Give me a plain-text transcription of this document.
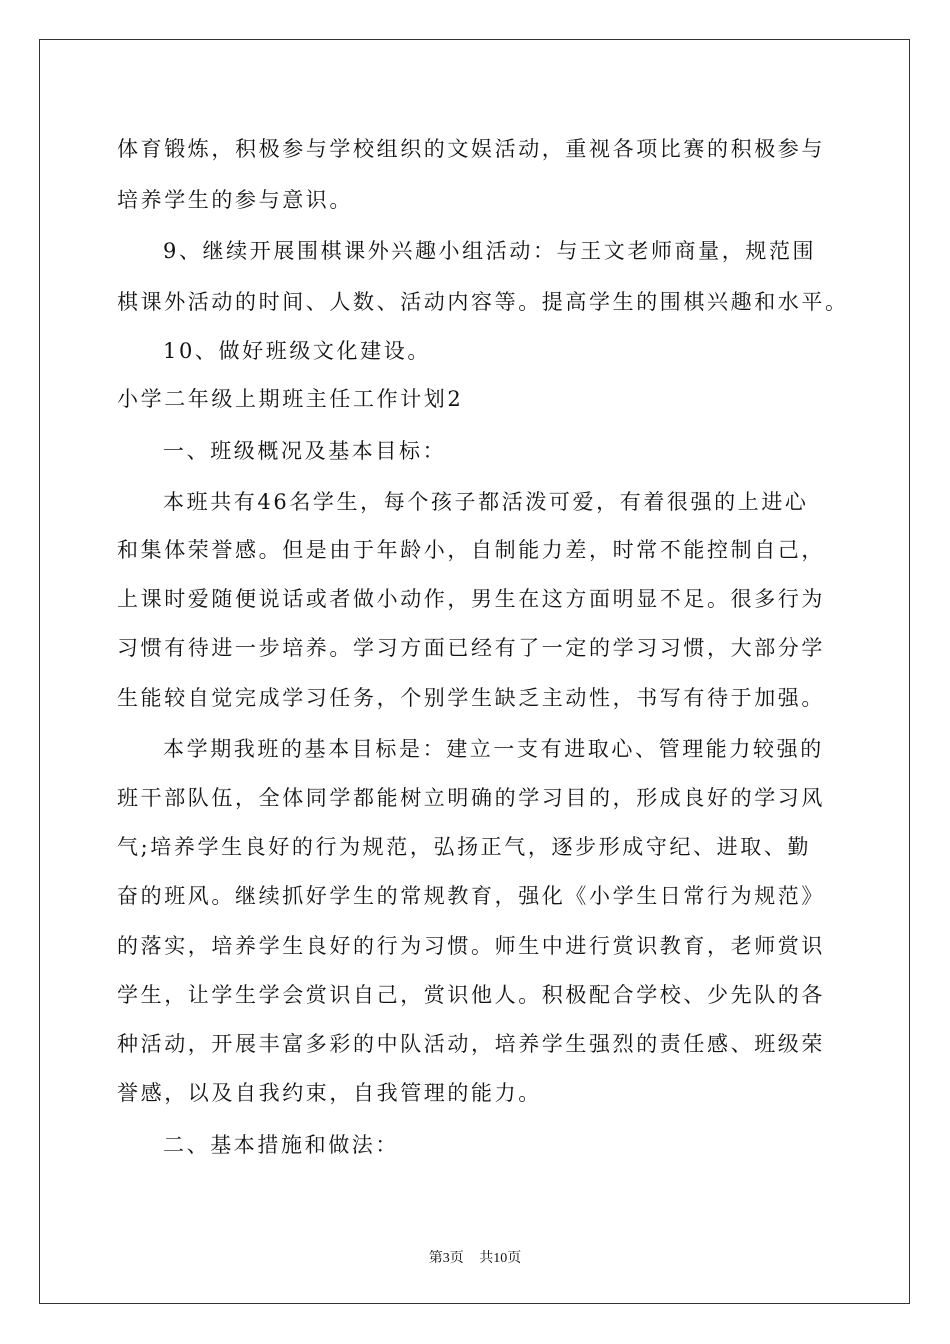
体育锻炼，积极参与学校组织的文娱活动，重视各项比赛的积极参与
培养学生的参与意识。
9、继续开展围棋课外兴趣小组活动：与王文老师商量，规范围
棋课外活动的时间、人数、活动内容等。提高学生的围棋兴趣和水平。
10、做好班级文化建设。
小学二年级上期班主任工作计划2
一、班级概况及基本目标：
本班共有46名学生，每个孩子都活泼可爱，有着很强的上进心
和集体荣誉感。但是由于年龄小，自制能力差，时常不能控制自己，
上课时爱随便说话或者做小动作，男生在这方面明显不足。很多行为
习惯有待进一步培养。学习方面已经有了一定的学习习惯，大部分学
生能较自觉完成学习任务，个别学生缺乏主动性，书写有待于加强。
本学期我班的基本目标是：建立一支有进取心、管理能力较强的
班干部队伍，全体同学都能树立明确的学习目的，形成良好的学习风
气;培养学生良好的行为规范，弘扬正气，逐步形成守纪、进取、勤
奋的班风。继续抓好学生的常规教育，强化《小学生日常行为规范》
的落实，培养学生良好的行为习惯。师生中进行赏识教育，老师赏识
学生，让学生学会赏识自己，赏识他人。积极配合学校、少先队的各
种活动，开展丰富多彩的中队活动，培养学生强烈的责任感、班级荣
誉感，以及自我约束，自我管理的能力。
二、基本措施和做法：
第3页 共10页
